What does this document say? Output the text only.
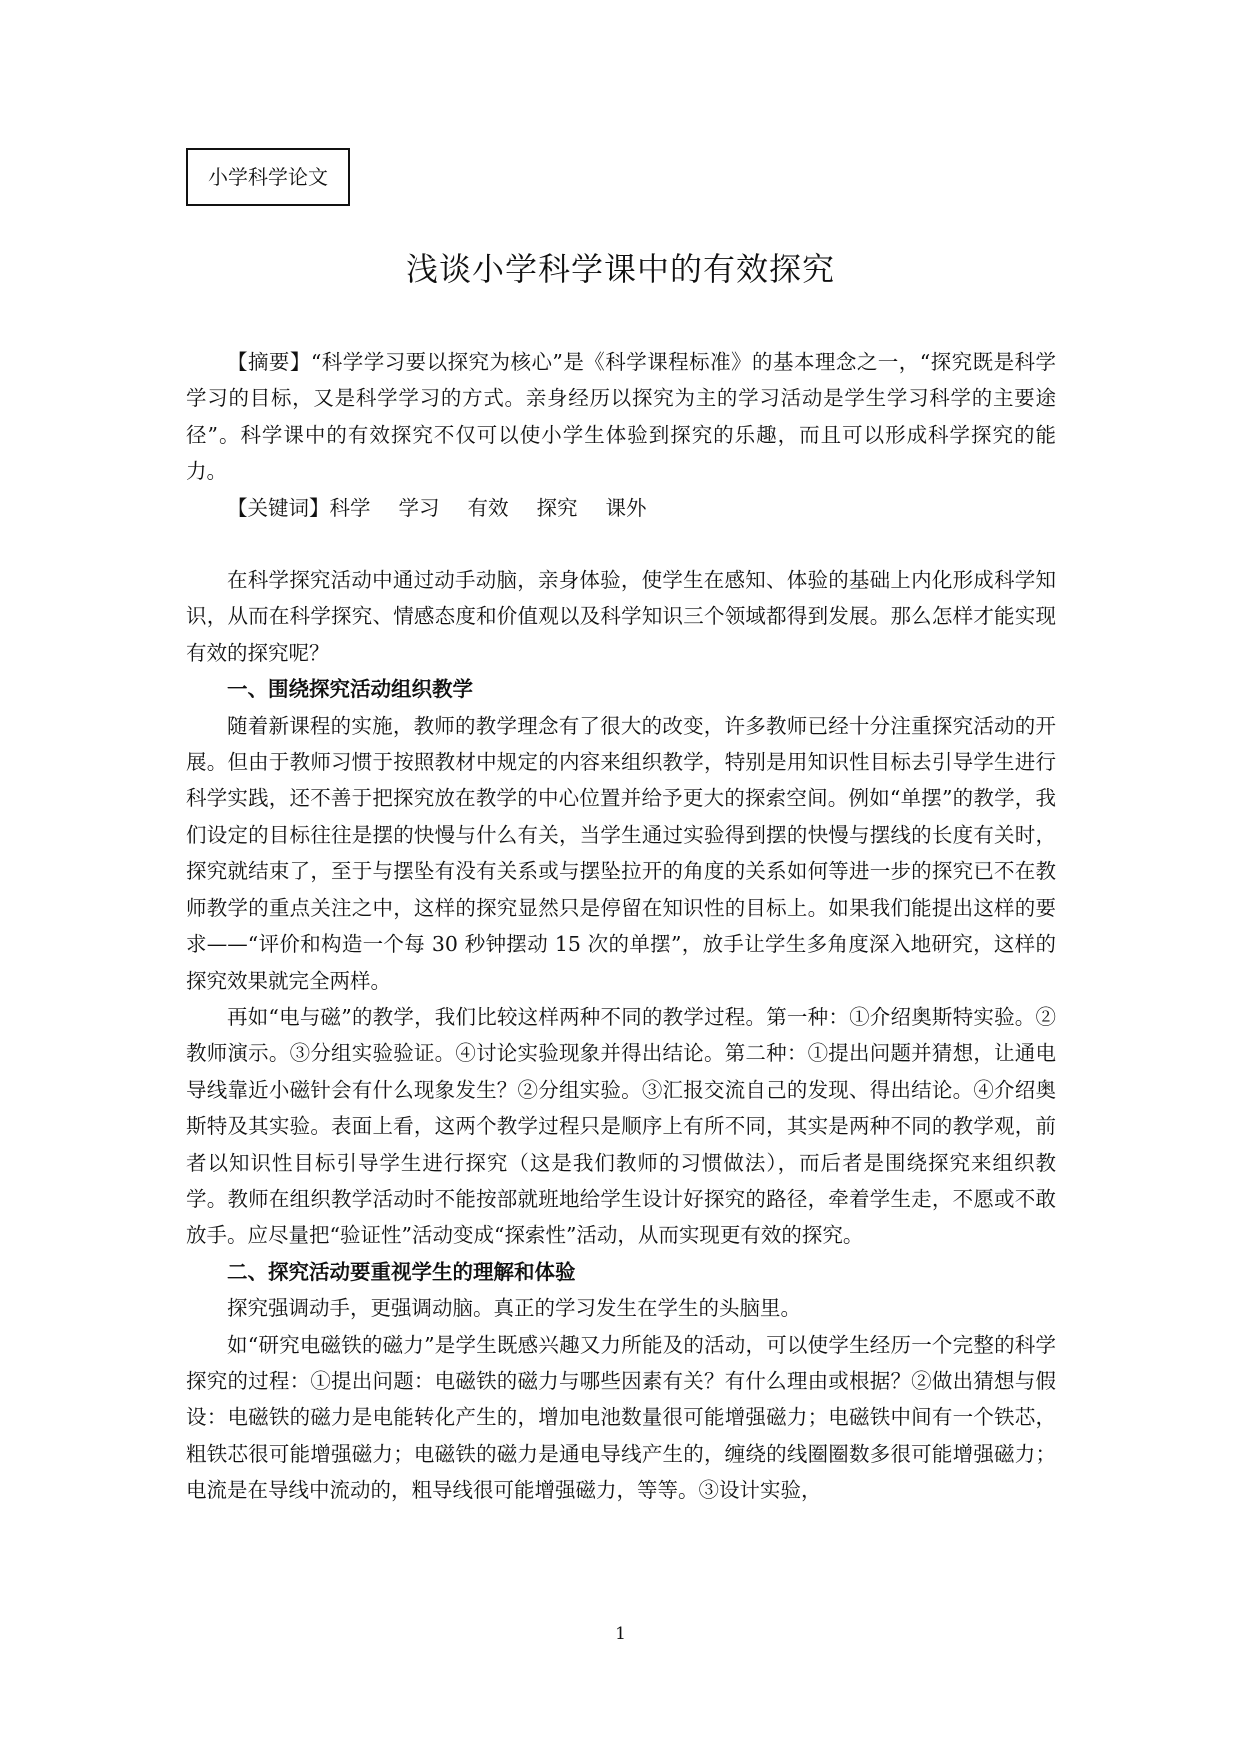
小学科学论文
浅谈小学科学课中的有效探究

【摘要】“科学学习要以探究为核心”是《科学课程标准》的基本理念之一，“探究既是科学学习的目标，又是科学学习的方式。亲身经历以探究为主的学习活动是学生学习科学的主要途径”。科学课中的有效探究不仅可以使小学生体验到探究的乐趣，而且可以形成科学探究的能力。

【关键词】科学 学习 有效 探究 课外

在科学探究活动中通过动手动脑，亲身体验，使学生在感知、体验的基础上内化形成科学知识，从而在科学探究、情感态度和价值观以及科学知识三个领域都得到发展。那么怎样才能实现有效的探究呢？

一、围绕探究活动组织教学

随着新课程的实施，教师的教学理念有了很大的改变，许多教师已经十分注重探究活动的开展。但由于教师习惯于按照教材中规定的内容来组织教学，特别是用知识性目标去引导学生进行科学实践，还不善于把探究放在教学的中心位置并给予更大的探索空间。例如“单摆”的教学，我们设定的目标往往是摆的快慢与什么有关，当学生通过实验得到摆的快慢与摆线的长度有关时，探究就结束了，至于与摆坠有没有关系或与摆坠拉开的角度的关系如何等进一步的探究已不在教师教学的重点关注之中，这样的探究显然只是停留在知识性的目标上。如果我们能提出这样的要求——“评价和构造一个每 30 秒钟摆动 15 次的单摆”，放手让学生多角度深入地研究，这样的探究效果就完全两样。

再如“电与磁”的教学，我们比较这样两种不同的教学过程。第一种：①介绍奥斯特实验。②教师演示。③分组实验验证。④讨论实验现象并得出结论。第二种：①提出问题并猜想，让通电导线靠近小磁针会有什么现象发生？②分组实验。③汇报交流自己的发现、得出结论。④介绍奥斯特及其实验。表面上看，这两个教学过程只是顺序上有所不同，其实是两种不同的教学观，前者以知识性目标引导学生进行探究（这是我们教师的习惯做法），而后者是围绕探究来组织教学。教师在组织教学活动时不能按部就班地给学生设计好探究的路径，牵着学生走，不愿或不敢放手。应尽量把“验证性”活动变成“探索性”活动，从而实现更有效的探究。

二、探究活动要重视学生的理解和体验

探究强调动手，更强调动脑。真正的学习发生在学生的头脑里。

如“研究电磁铁的磁力”是学生既感兴趣又力所能及的活动，可以使学生经历一个完整的科学探究的过程：①提出问题：电磁铁的磁力与哪些因素有关？有什么理由或根据？②做出猜想与假设：电磁铁的磁力是电能转化产生的，增加电池数量很可能增强磁力；电磁铁中间有一个铁芯，粗铁芯很可能增强磁力；电磁铁的磁力是通电导线产生的，缠绕的线圈圈数多很可能增强磁力；电流是在导线中流动的，粗导线很可能增强磁力，等等。③设计实验，

1
